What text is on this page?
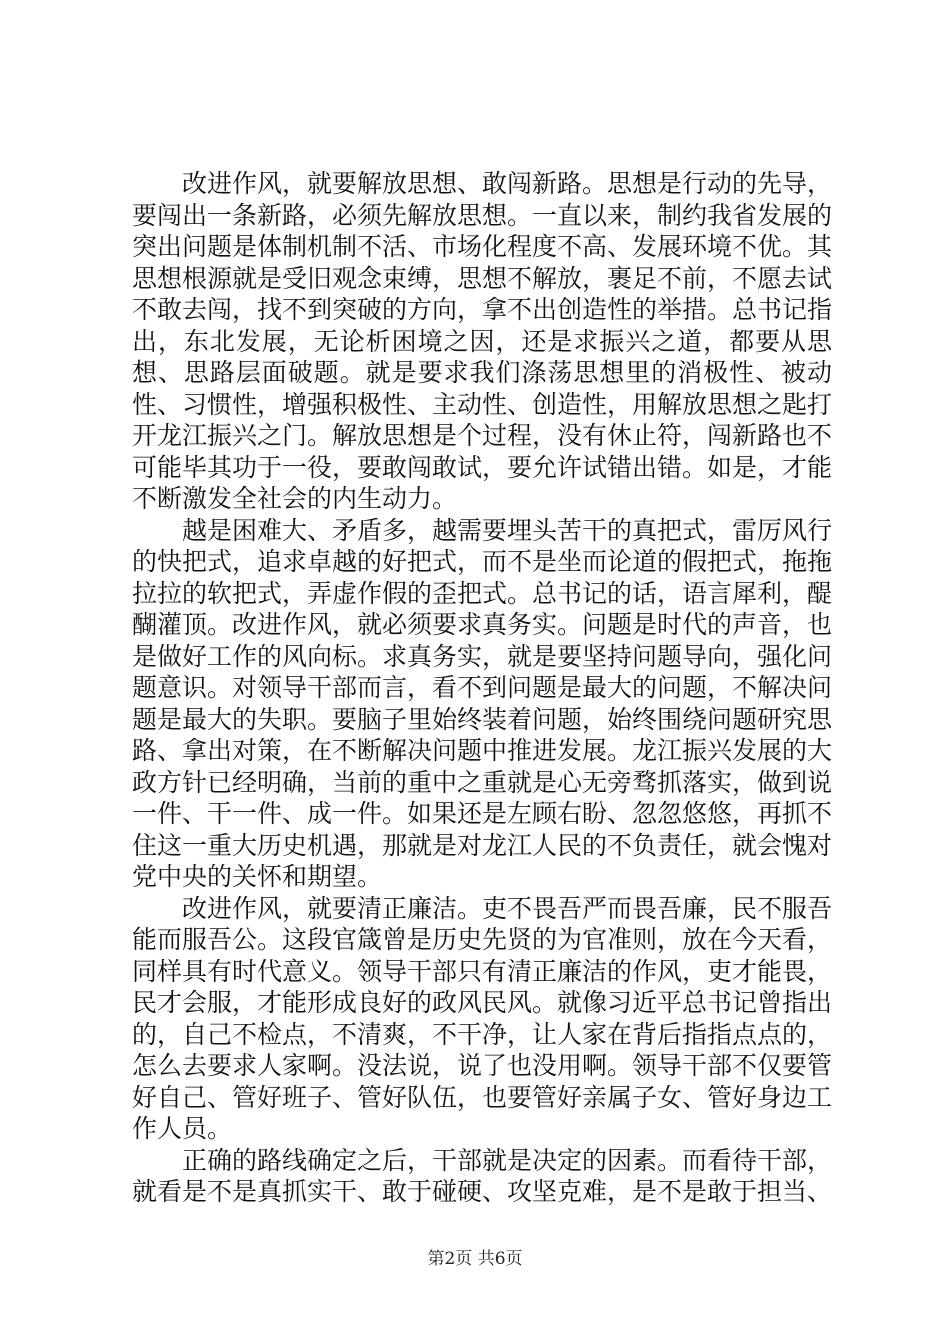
改进作风，就要解放思想、敢闯新路。思想是行动的先导，要闯出一条新路，必须先解放思想。一直以来，制约我省发展的突出问题是体制机制不活、市场化程度不高、发展环境不优。其思想根源就是受旧观念束缚，思想不解放，裹足不前，不愿去试不敢去闯，找不到突破的方向，拿不出创造性的举措。总书记指出，东北发展，无论析困境之因，还是求振兴之道，都要从思想、思路层面破题。就是要求我们涤荡思想里的消极性、被动性、习惯性，增强积极性、主动性、创造性，用解放思想之匙打开龙江振兴之门。解放思想是个过程，没有休止符，闯新路也不可能毕其功于一役，要敢闯敢试，要允许试错出错。如是，才能不断激发全社会的内生动力。

越是困难大、矛盾多，越需要埋头苦干的真把式，雷厉风行的快把式，追求卓越的好把式，而不是坐而论道的假把式，拖拖拉拉的软把式，弄虚作假的歪把式。总书记的话，语言犀利，醍醐灌顶。改进作风，就必须要求真务实。问题是时代的声音，也是做好工作的风向标。求真务实，就是要坚持问题导向，强化问题意识。对领导干部而言，看不到问题是最大的问题，不解决问题是最大的失职。要脑子里始终装着问题，始终围绕问题研究思路、拿出对策，在不断解决问题中推进发展。龙江振兴发展的大政方针已经明确，当前的重中之重就是心无旁骛抓落实，做到说一件、干一件、成一件。如果还是左顾右盼、忽忽悠悠，再抓不住这一重大历史机遇，那就是对龙江人民的不负责任，就会愧对党中央的关怀和期望。

改进作风，就要清正廉洁。吏不畏吾严而畏吾廉，民不服吾能而服吾公。这段官箴曾是历史先贤的为官准则，放在今天看，同样具有时代意义。领导干部只有清正廉洁的作风，吏才能畏，民才会服，才能形成良好的政风民风。就像习近平总书记曾指出的，自己不检点，不清爽，不干净，让人家在背后指指点点的，怎么去要求人家啊。没法说，说了也没用啊。领导干部不仅要管好自己、管好班子、管好队伍，也要管好亲属子女、管好身边工作人员。

正确的路线确定之后，干部就是决定的因素。而看待干部，就看是不是真抓实干、敢于碰硬、攻坚克难，是不是敢于担当、

第2页 共6页
